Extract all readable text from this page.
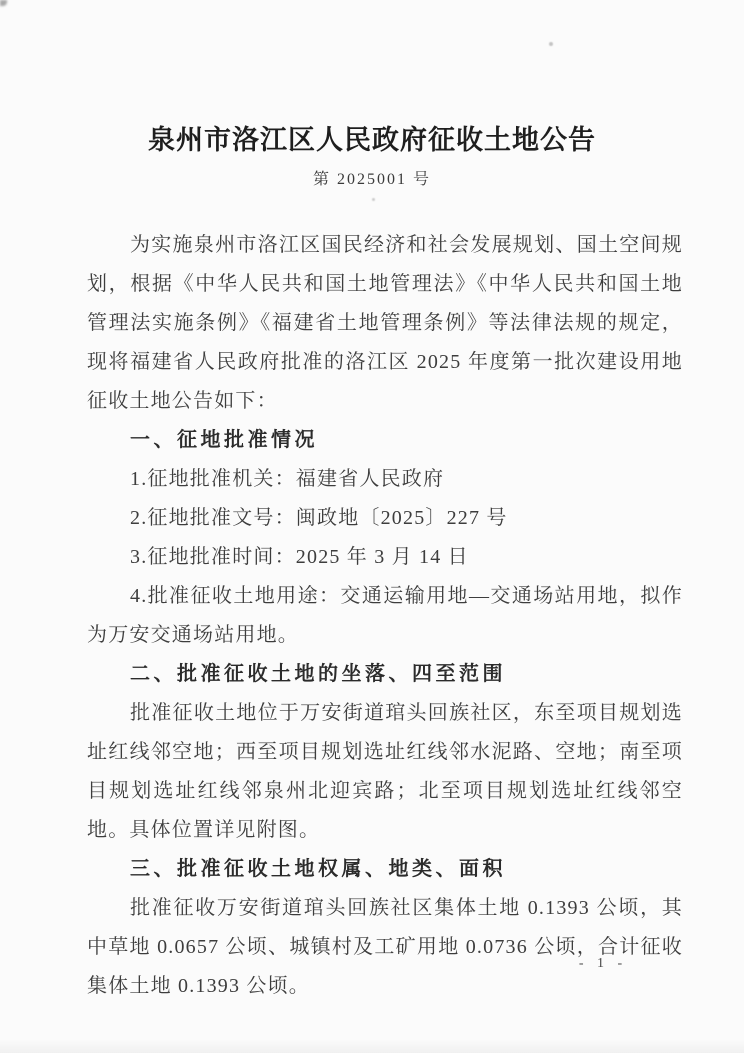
泉州市洛江区人民政府征收土地公告
第 2025001 号

为实施泉州市洛江区国民经济和社会发展规划、国土空间规划，根据《中华人民共和国土地管理法》《中华人民共和国土地管理法实施条例》《福建省土地管理条例》等法律法规的规定，现将福建省人民政府批准的洛江区 2025 年度第一批次建设用地征收土地公告如下：

一、征地批准情况

1.征地批准机关：福建省人民政府

2.征地批准文号：闽政地〔2025〕227 号

3.征地批准时间：2025 年 3 月 14 日

4.批准征收土地用途：交通运输用地—交通场站用地，拟作为万安交通场站用地。

二、批准征收土地的坐落、四至范围

批准征收土地位于万安街道琯头回族社区，东至项目规划选址红线邻空地；西至项目规划选址红线邻水泥路、空地；南至项目规划选址红线邻泉州北迎宾路；北至项目规划选址红线邻空地。具体位置详见附图。

三、批准征收土地权属、地类、面积

批准征收万安街道琯头回族社区集体土地 0.1393 公顷，其中草地 0.0657 公顷、城镇村及工矿用地 0.0736 公顷，合计征收集体土地 0.1393 公顷。

- 1 -
